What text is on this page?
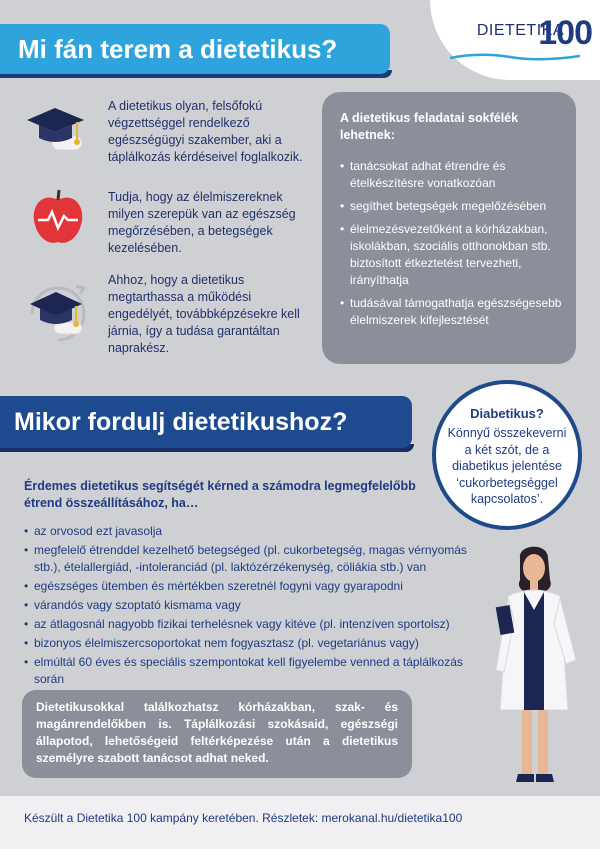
DIETETIKA
100
Mi fán terem a dietetikus?
A dietetikus olyan, felsőfokú végzettséggel rendelkező egészségügyi szakember, aki a táplálkozás kérdéseivel foglalkozik.
Tudja, hogy az élelmiszereknek milyen szerepük van az egészség megőrzésében, a betegségek kezelésében.
Ahhoz, hogy a dietetikus megtarthassa a működési engedélyét, továbbképzésekre kell járnia, így a tudása garantáltan naprakész.
A dietetikus feladatai sokfélék lehetnek:
• tanácsokat adhat étrendre és ételkészítésre vonatkozóan
• segíthet betegségek megelőzésében
• élelmezésvezetőként a kórházakban, iskolákban, szociális otthonokban stb. biztosított étkeztetést tervezheti, irányíthatja
• tudásával támogathatja egészségesebb élelmiszerek kifejlesztését
Mikor fordulj dietetikushoz?	Diabetikus?

Könnyű összekeverni a két szót, de a diabetikus jelentése ‘cukorbetegséggel kapcsolatos’.

Érdemes dietetikus segítségét kérned a számodra legmegfelelőbb étrend összeállításához, ha…
• az orvosod ezt javasolja
• megfelelő étrenddel kezelhető betegséged (pl. cukorbetegség, magas vérnyomás stb.), ételallergiád, -intoleranciád (pl. laktózérzékenység, cöliákia stb.) van
• egészséges ütemben és mértékben szeretnél fogyni vagy gyarapodni
• várandós vagy szoptató kismama vagy
• az átlagosnál nagyobb fizikai terhelésnek vagy kitéve (pl. intenzíven sportolsz)
• bizonyos élelmiszercsoportokat nem fogyasztasz (pl. vegetariánus vagy)
• elmúltál 60 éves és speciális szempontokat kell figyelembe venned a táplálkozás során
Dietetikusokkal találkozhatsz kórházakban, szak- és magánrendelőkben is. Táplálkozási szokásaid, egészségi állapotod, lehetőségeid feltérképezése után a dietetikus személyre szabott tanácsot adhat neked.
Készült a Dietetika 100 kampány keretében. Részletek: merokanal.hu/dietetika100
